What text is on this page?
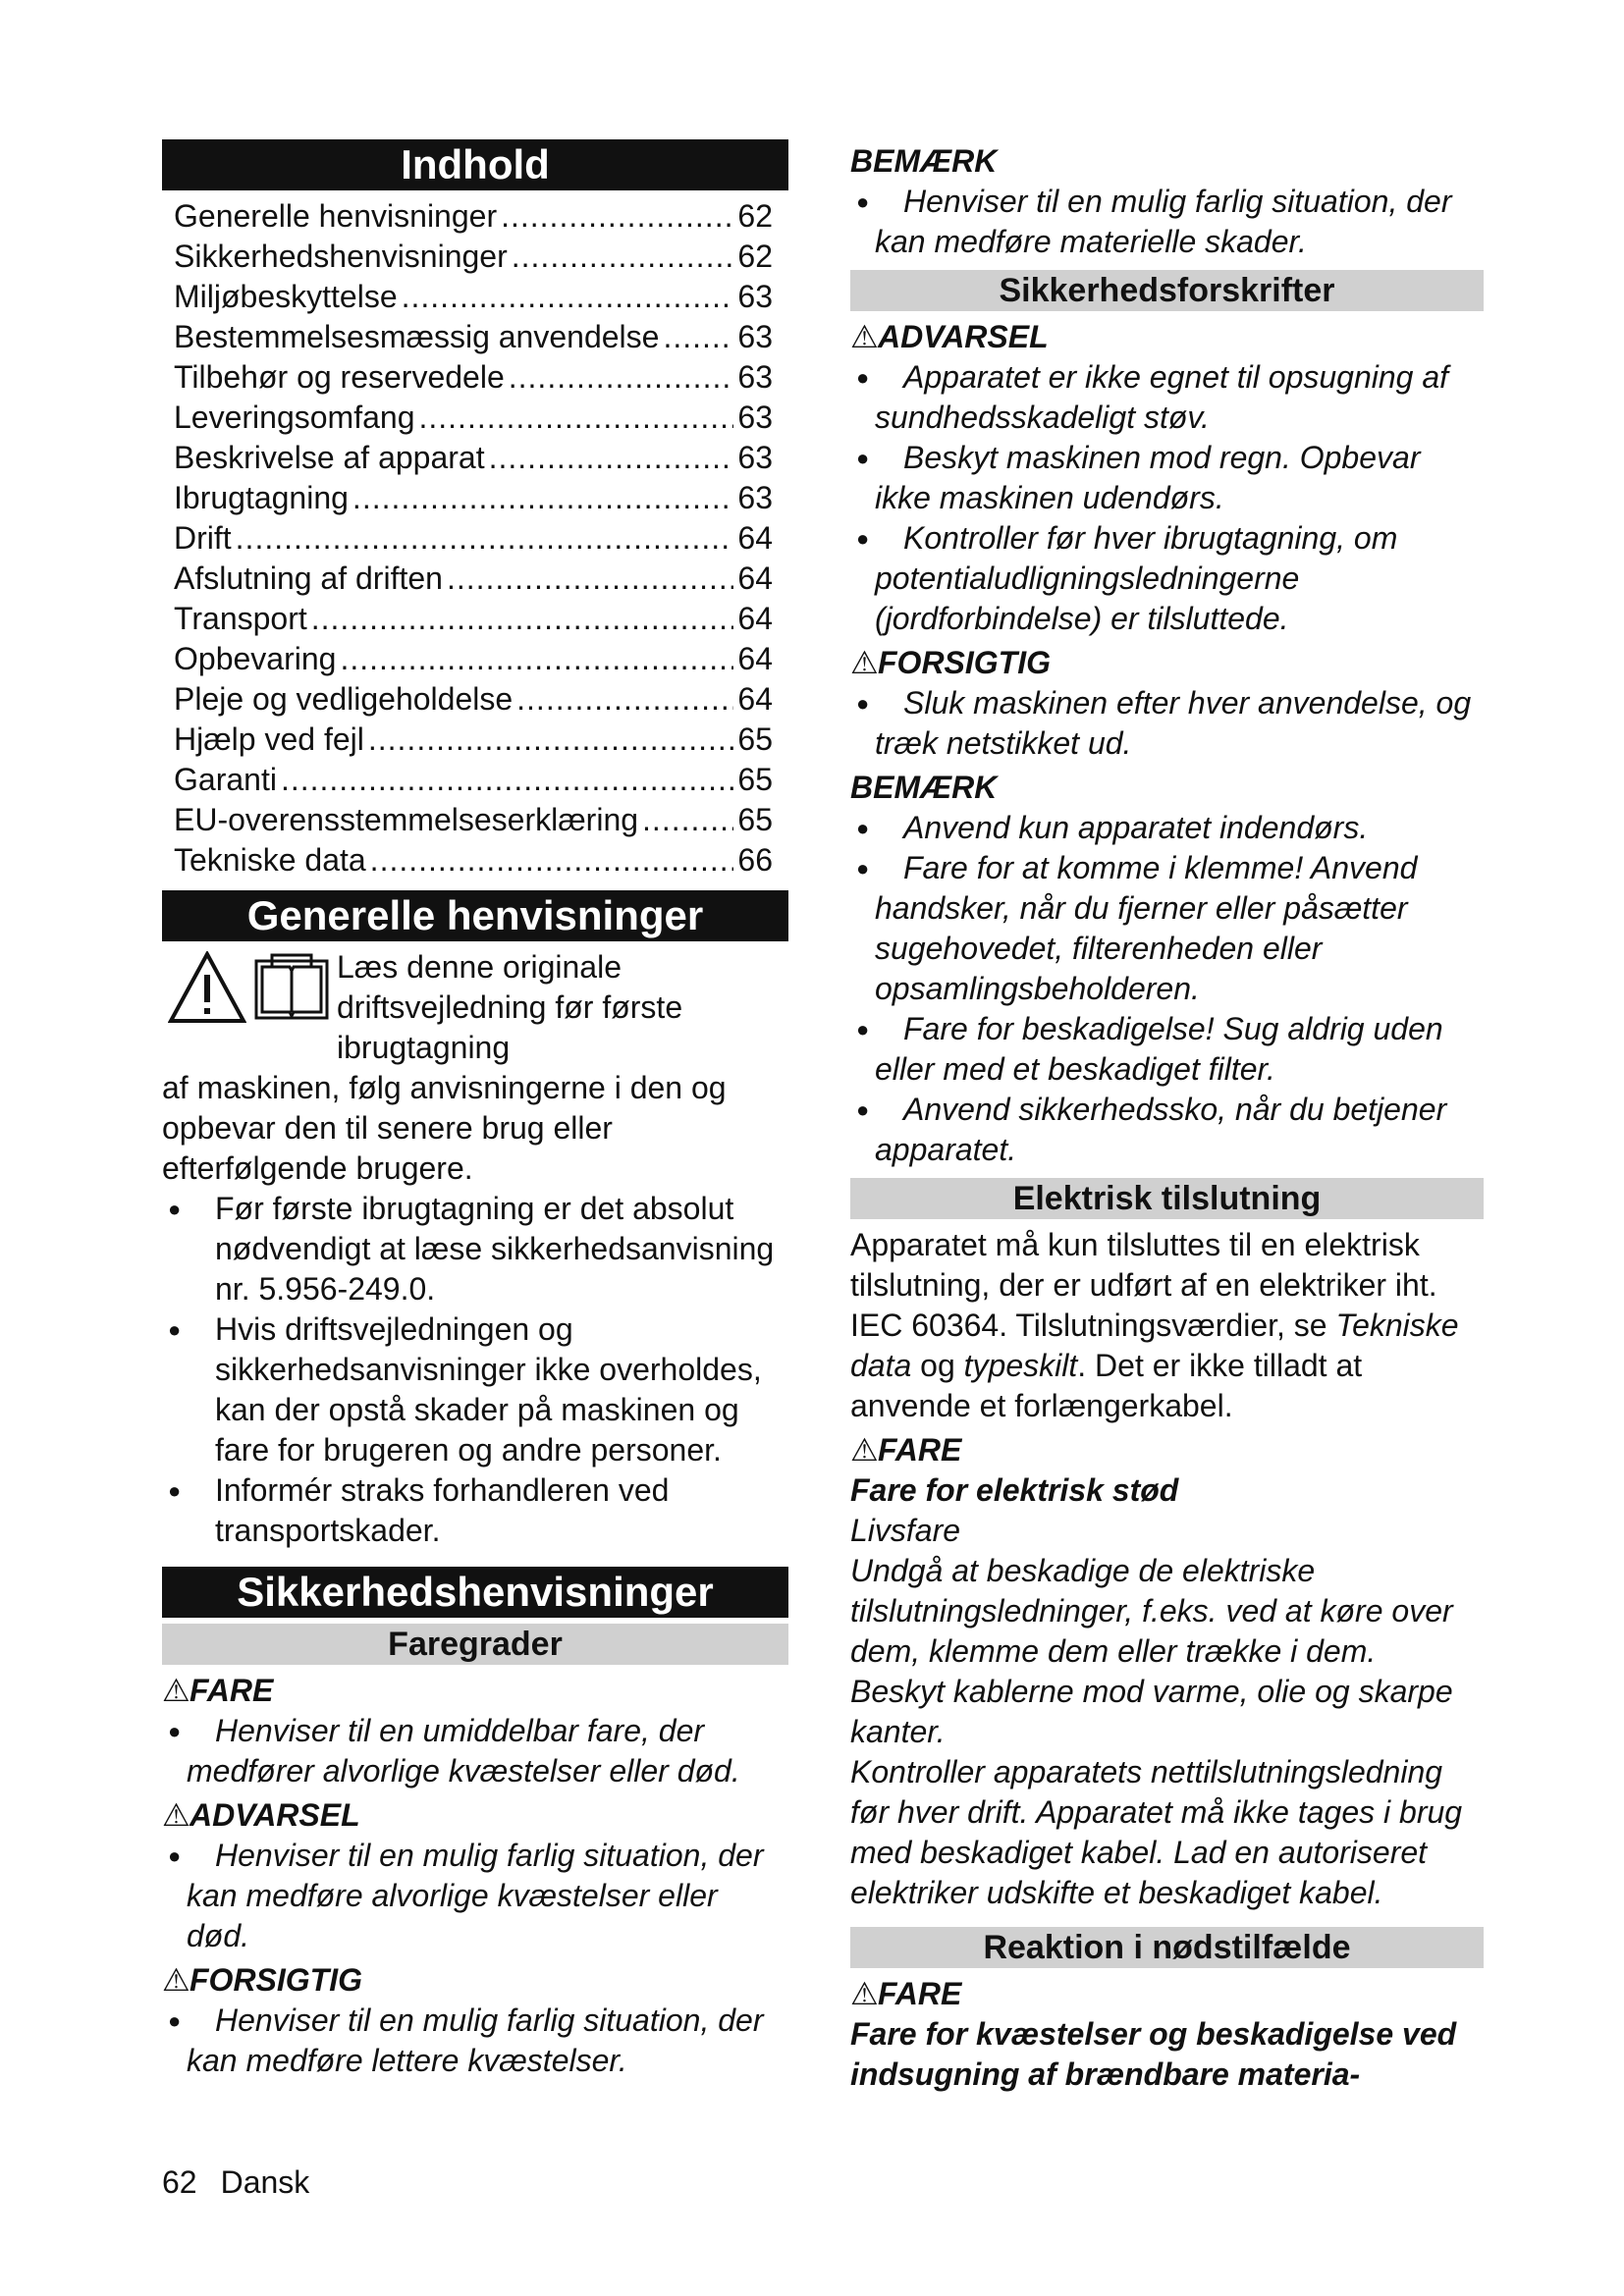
Indhold
Generelle henvisninger .....	62
Sikkerhedshenvisninger .....	62
Miljøbeskyttelse .....	63
Bestemmelsesmæssig anvendelse ..... 63
Tilbehør og reservedele .....	63
Leveringsomfang .....	63
Beskrivelse af apparat .....	63
Ibrugtagning .....	63
Drift .....	64
Afslutning af driften .....	64
Transport .....	64
Opbevaring .....	64
Pleje og vedligeholdelse .....	64
Hjælp ved fejl .....	65
Garanti .....	65
EU-overensstemmelseserklæring .....	65
Tekniske data .....	66
Generelle henvisninger

Læs denne originale driftsvejledning før første ibrugtagning

af maskinen, følg anvisningerne i den og opbevar den til senere brug eller efterfølgende brugere.

● Før første ibrugtagning er det absolut nødvendigt at læse sikkerhedsanvisning nr. 5.956-249.0.
● Hvis driftsvejledningen og sikkerhedsanvisninger ikke overholdes, kan der opstå skader på maskinen og fare for brugeren og andre personer.
● Informér straks forhandleren ved transportskader.
Sikkerhedshenvisninger
Faregrader
⚠FARE
● Henviser til en umiddelbar fare, der medfører alvorlige kvæstelser eller død.
⚠ADVARSEL
● Henviser til en mulig farlig situation, der kan medføre alvorlige kvæstelser eller død.
⚠FORSIGTIG
● Henviser til en mulig farlig situation, der kan medføre lettere kvæstelser.
BEMÆRK
● Henviser til en mulig farlig situation, der kan medføre materielle skader.
Sikkerhedsforskrifter
⚠ADVARSEL
● Apparatet er ikke egnet til opsugning af sundhedsskadeligt støv.
● Beskyt maskinen mod regn. Opbevar ikke maskinen udendørs.
● Kontroller før hver ibrugtagning, om potentialudligningsledningerne (jordforbindelse) er tilsluttede.
⚠FORSIGTIG
● Sluk maskinen efter hver anvendelse, og træk netstikket ud.
BEMÆRK
● Anvend kun apparatet indendørs.
● Fare for at komme i klemme! Anvend handsker, når du fjerner eller påsætter sugehovedet, filterenheden eller opsamlingsbeholderen.
● Fare for beskadigelse! Sug aldrig uden eller med et beskadiget filter.
● Anvend sikkerhedssko, når du betjener apparatet.
Elektrisk tilslutning

Apparatet må kun tilsluttes til en elektrisk tilslutning, der er udført af en elektriker iht. IEC 60364. Tilslutningsværdier, se Tekniske data og typeskilt. Det er ikke tilladt at anvende et forlængerkabel.

⚠FARE

Fare for elektrisk stød

Livsfare

Undgå at beskadige de elektriske tilslutningsledninger, f.eks. ved at køre over dem, klemme dem eller trække i dem.

Beskyt kablerne mod varme, olie og skarpe kanter.

Kontroller apparatets nettilslutningsledning før hver drift. Apparatet må ikke tages i brug med beskadiget kabel. Lad en autoriseret elektriker udskifte et beskadiget kabel.

Reaktion i nødstilfælde
⚠FARE

Fare for kvæstelser og beskadigelse ved indsugning af brændbare materia-

62 Dansk
